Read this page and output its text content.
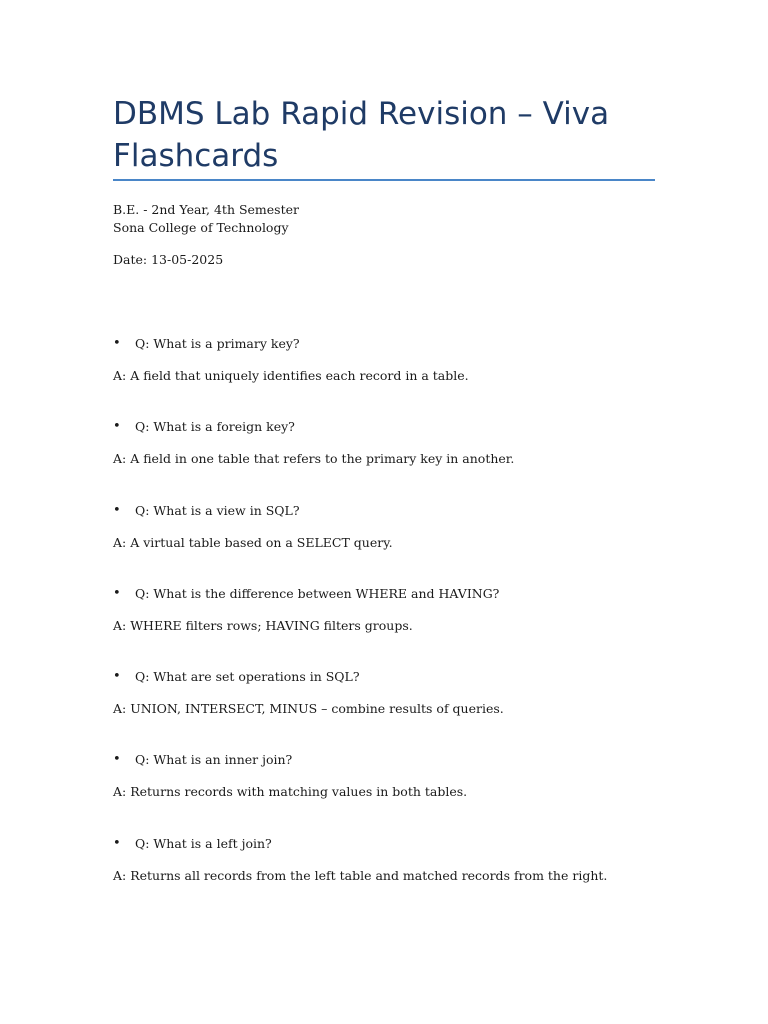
DBMS Lab Rapid Revision – Viva Flashcards

B.E. - 2nd Year, 4th Semester

Sona College of Technology

Date: 13-05-2025

• Q: What is a primary key?

A: A field that uniquely identifies each record in a table.

• Q: What is a foreign key?

A: A field in one table that refers to the primary key in another.

• Q: What is a view in SQL?

A: A virtual table based on a SELECT query.

• Q: What is the difference between WHERE and HAVING?

A: WHERE filters rows; HAVING filters groups.

• Q: What are set operations in SQL?

A: UNION, INTERSECT, MINUS – combine results of queries.

• Q: What is an inner join?

A: Returns records with matching values in both tables.

• Q: What is a left join?

A: Returns all records from the left table and matched records from the right.
